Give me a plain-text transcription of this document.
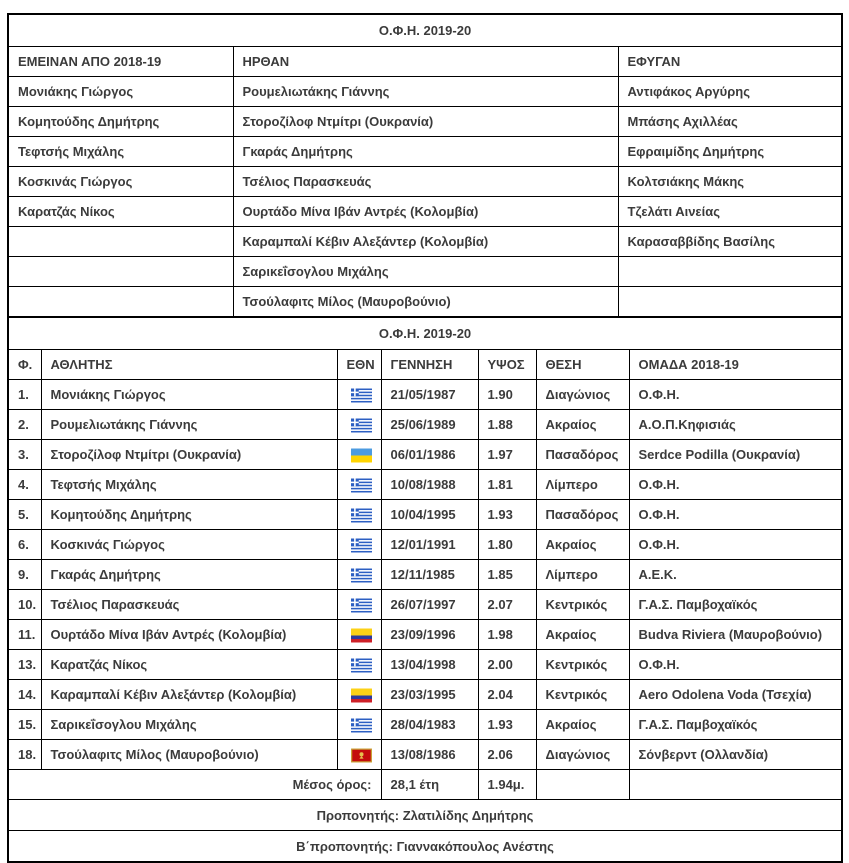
Ο.Φ.Η. 2019-20		
ΕΜΕΙΝΑΝ ΑΠΟ 2018-19	ΗΡΘΑΝ	ΕΦΥΓΑΝ
Μονιάκης Γιώργος	Ρουμελιωτάκης Γιάννης	Αντιφάκος Αργύρης
Κομητούδης Δημήτρης	Στοροζίλοφ Ντμίτρι (Ουκρανία)	Μπάσης Αχιλλέας
Τεφτσής Μιχάλης	Γκαράς Δημήτρης	Εφραιμίδης Δημήτρης
Κοσκινάς Γιώργος	Τσέλιος Παρασκευάς	Κολτσιάκης Μάκης
Καρατζάς Νίκος	Ουρτάδο Μίνα Ιβάν Αντρές (Κολομβία)	Τζελάτι Αινείας
	Καραμπαλί Κέβιν Αλεξάντερ (Κολομβία)	Καρασαββίδης Βασίλης
	Σαρικεΐσογλου Μιχάλης	
	Τσούλαφιτς Μίλος (Μαυροβούνιο)	
Ο.Φ.Η. 2019-20						
Φ.	ΑΘΛΗΤΗΣ	ΕΘΝ	ΓΕΝΝΗΣΗ	ΥΨΟΣ	ΘΕΣΗ	ΟΜΑΔΑ 2018-19
1.	Μονιάκης Γιώργος		21/05/1987	1.90	Διαγώνιος	Ο.Φ.Η.
2.	Ρουμελιωτάκης Γιάννης		25/06/1989	1.88	Ακραίος	Α.Ο.Π.Κηφισιάς
3.	Στοροζίλοφ Ντμίτρι (Ουκρανία)		06/01/1986	1.97	Πασαδόρος	Serdce Podilla (Ουκρανία)
4.	Τεφτσής Μιχάλης		10/08/1988	1.81	Λίμπερο	Ο.Φ.Η.
5.	Κομητούδης Δημήτρης		10/04/1995	1.93	Πασαδόρος	Ο.Φ.Η.
6.	Κοσκινάς Γιώργος		12/01/1991	1.80	Ακραίος	Ο.Φ.Η.
9.	Γκαράς Δημήτρης		12/11/1985	1.85	Λίμπερο	Α.Ε.Κ.
10.	Τσέλιος Παρασκευάς		26/07/1997	2.07	Κεντρικός	Γ.Α.Σ. Παμβοχαϊκός
11.	Ουρτάδο Μίνα Ιβάν Αντρές (Κολομβία)		23/09/1996	1.98	Ακραίος	Budva Riviera (Μαυροβούνιο)
13.	Καρατζάς Νίκος		13/04/1998	2.00	Κεντρικός	Ο.Φ.Η.
14.	Καραμπαλί Κέβιν Αλεξάντερ (Κολομβία)		23/03/1995	2.04	Κεντρικός	Aero Odolena Voda (Τσεχία)
15.	Σαρικεΐσογλου Μιχάλης		28/04/1983	1.93	Ακραίος	Γ.Α.Σ. Παμβοχαϊκός
18.	Τσούλαφιτς Μίλος (Μαυροβούνιο)		13/08/1986	2.06	Διαγώνιος	Σόνβερντ (Ολλανδία)
Μέσος όρος:			28,1 έτη	1.94μ.		
Προπονητής: Ζλατιλίδης Δημήτρης						
Β΄προπονητής: Γιαννακόπουλος Ανέστης						
